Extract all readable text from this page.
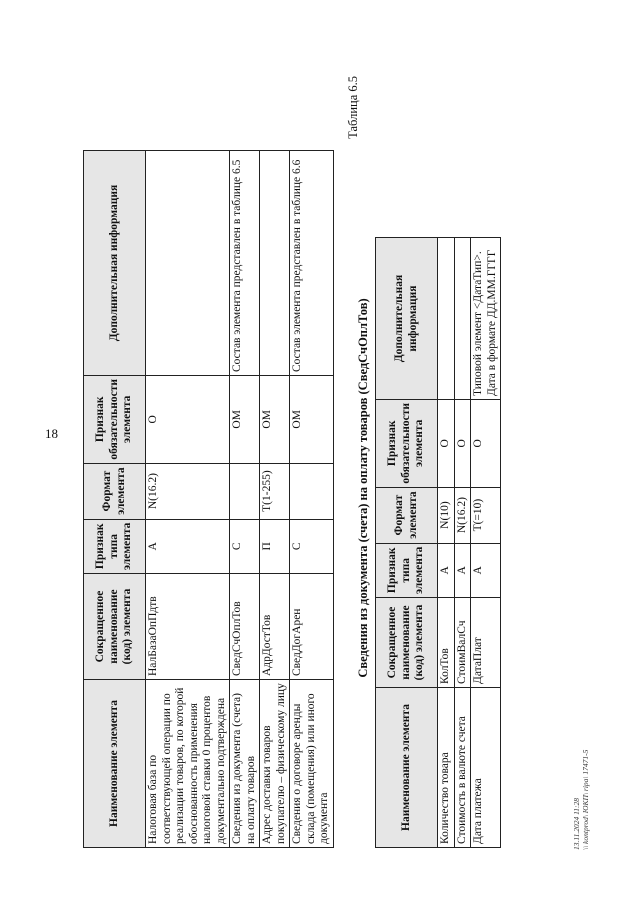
18
Наименование элемента	Сокращенное наименование (код) элемента	Признак типа элемента	Формат элемента	Признак обязательности элемента	Дополнительная информация
Налоговая база по соответствующей операции по реализации товаров, по которой обоснованность применения налоговой ставки 0 процентов документально подтверждена	НалБазаОпПдтв	А	N(16.2)	О	
Сведения из документа (счета) на оплату товаров	СведСчОплТов	С		ОМ	Состав элемента представлен в таблице 6.5
Адрес доставки товаров покупателю – физическому лицу	АдрДостТов	П	T(1-255)	ОМ	
Сведения о договоре аренды склада (помещения) или иного документа	СведДогАрен	С		ОМ	Состав элемента представлен в таблице 6.6
Таблица 6.5
Сведения из документа (счета) на оплату товаров (СведСчОплТов)
Наименование элемента	Сокращенное наименование (код) элемента	Признак типа элемента	Формат элемента	Признак обязательности элемента	Дополнительная информация
Количество товара	КолТов	А	N(10)	О	
Стоимость в валюте счета	СтоимВалСч	А	N(16.2)	О	
Дата платежа	ДатаПлат	А	T(=10)	О	Типовой элемент <ДатаТип>. Дата в формате ДД.ММ.ГГГГ
13.11.2024 11:28 \\ kontprod\ ЮКП\ ripa\ 17471-5
